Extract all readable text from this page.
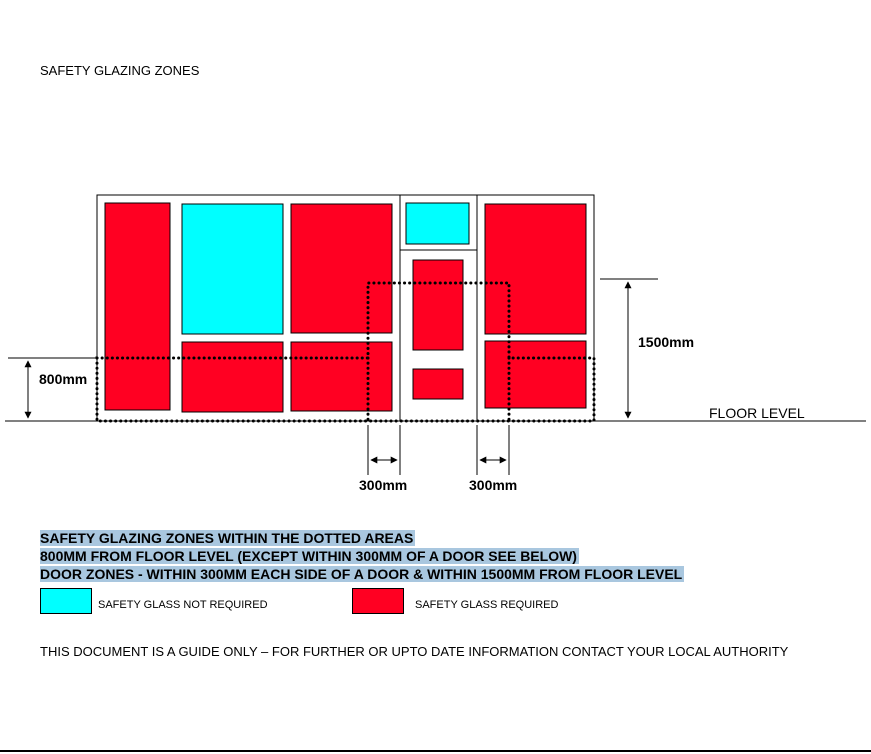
SAFETY GLAZING ZONES
800mm
1500mm
FLOOR LEVEL
300mm	300mm
SAFETY GLAZING ZONES WITHIN THE DOTTED AREAS
800MM FROM FLOOR LEVEL (EXCEPT WITHIN 300MM OF A DOOR SEE BELOW)
DOOR ZONES - WITHIN 300MM EACH SIDE OF A DOOR & WITHIN 1500MM FROM FLOOR LEVEL
SAFETY GLASS NOT REQUIRED	SAFETY GLASS REQUIRED
THIS DOCUMENT IS A GUIDE ONLY – FOR FURTHER OR UPTO DATE INFORMATION CONTACT YOUR LOCAL AUTHORITY
